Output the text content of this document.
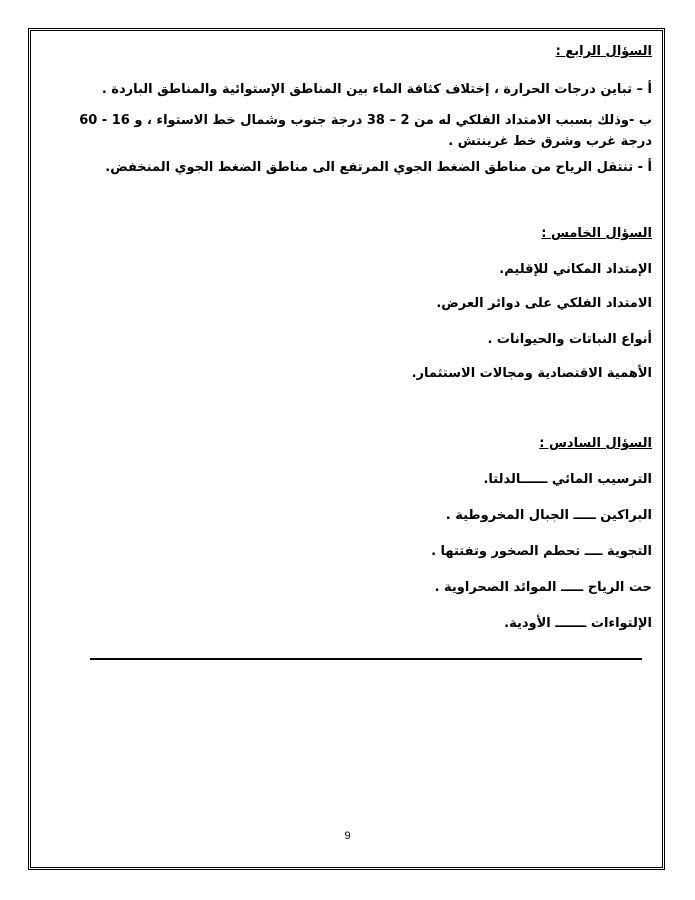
السؤال الرابع :
أ – تباين درجات الحرارة ، إختلاف كثافة الماء بين المناطق الإستوائية والمناطق الباردة .
ب -وذلك بسبب الامتداد الفلكي له من 2 – 38 درجة جنوب وشمال خط الاستواء ، و 16 - 60 درجة غرب وشرق خط غرينتش .
أ - تنتقل الرياح من مناطق الضغط الجوي المرتفع الى مناطق الضغط الجوي المنخفض.
السؤال الخامس :
الإمتداد المكاني للإقليم.
الامتداد الفلكي على دوائر العرض.
أنواع النباتات والحيوانات .
الأهمية الاقتصادية ومجالات الاستثمار.
السؤال السادس :
الترسيب المائي ــــــالدلتا.
البراكين ـــــ الجبال المخروطية .
التجوية ــــ تحطم الصخور وتفتتها .
حت الرياح ـــــ الموائد الصحراوية .
الإلتواءات ـــــــ الأودية.
9
